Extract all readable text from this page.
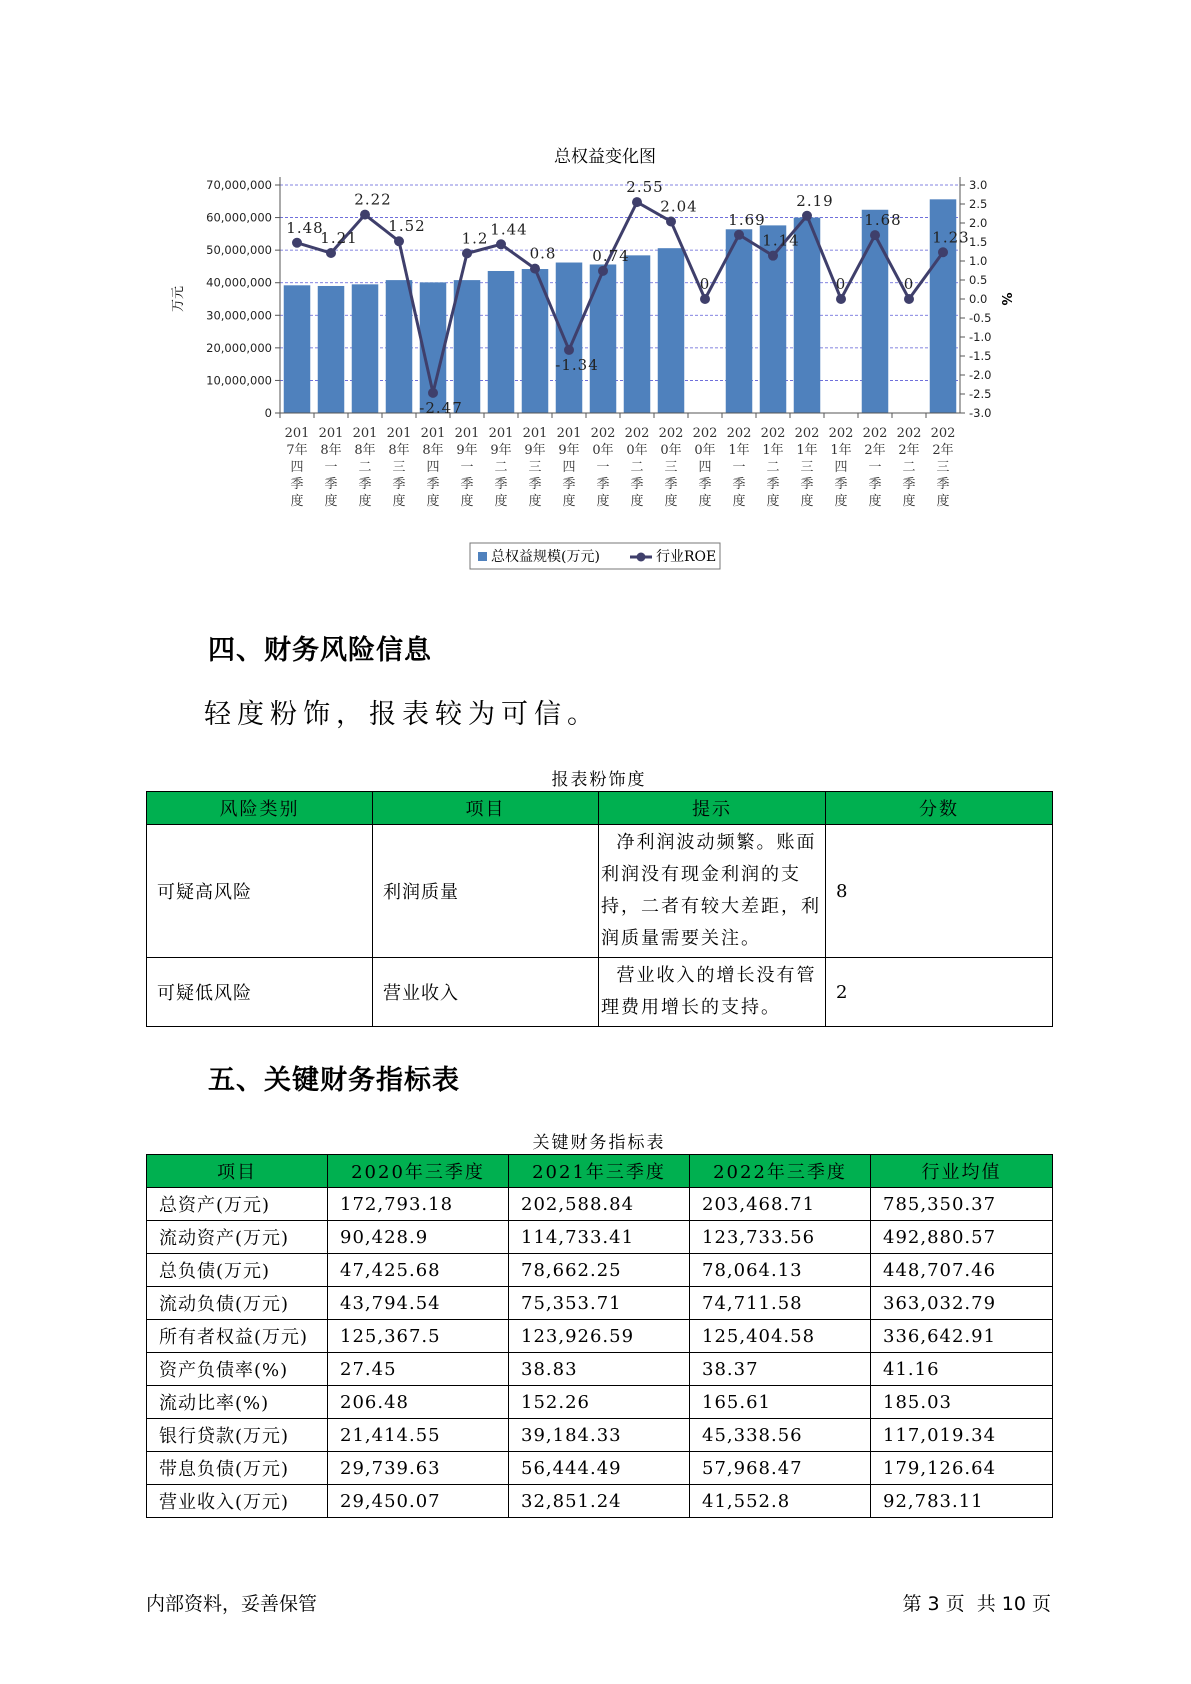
总权益变化图
0
10,000,000
20,000,000
30,000,000
40,000,000
50,000,000
60,000,000
70,000,000
-3.0
-2.5
-2.0
-1.5
-1.0
-0.5
0.0
0.5
1.0
1.5
2.0
2.5
3.0
万元	%
201
7年
四
季
度
201
8年
一
季
度
201
8年
二
季
度
201
8年
三
季
度
201
8年
四
季
度
201
9年
一
季
度
201
9年
二
季
度
201
9年
三
季
度
201
9年
四
季
度
202
0年
一
季
度
202
0年
二
季
度
202
0年
三
季
度
202
0年
四
季
度
202
1年
一
季
度
202
1年
二
季
度
202
1年
三
季
度
202
1年
四
季
度
202
2年
一
季
度
202
2年
二
季
度
202
2年
三
季
度
1.48
1.21
2.22
1.52
-2.47
1.2
1.44
0.8
-1.34
0.74
2.55
2.04
0
1.69
1.14
2.19
0
1.68
0
1.23
总权益规模(万元)	行业ROE
四、财务风险信息

轻度粉饰，报表较为可信。

报表粉饰度
风险类别	项目	提示	分数
可疑高风险	利润质量	净利润波动频繁。账面利润没有现金利润的支持，二者有较大差距，利润质量需要关注。	8
可疑低风险	营业收入	营业收入的增长没有管理费用增长的支持。	2
五、关键财务指标表
关键财务指标表
项目	2020年三季度	2021年三季度	2022年三季度	行业均值
总资产(万元)	172,793.18	202,588.84	203,468.71	785,350.37
流动资产(万元)	90,428.9	114,733.41	123,733.56	492,880.57
总负债(万元)	47,425.68	78,662.25	78,064.13	448,707.46
流动负债(万元)	43,794.54	75,353.71	74,711.58	363,032.79
所有者权益(万元)	125,367.5	123,926.59	125,404.58	336,642.91
资产负债率(%)	27.45	38.83	38.37	41.16
流动比率(%)	206.48	152.26	165.61	185.03
银行贷款(万元)	21,414.55	39,184.33	45,338.56	117,019.34
带息负债(万元)	29,739.63	56,444.49	57,968.47	179,126.64
营业收入(万元)	29,450.07	32,851.24	41,552.8	92,783.11

内部资料，妥善保管	第 3 页  共 10 页
